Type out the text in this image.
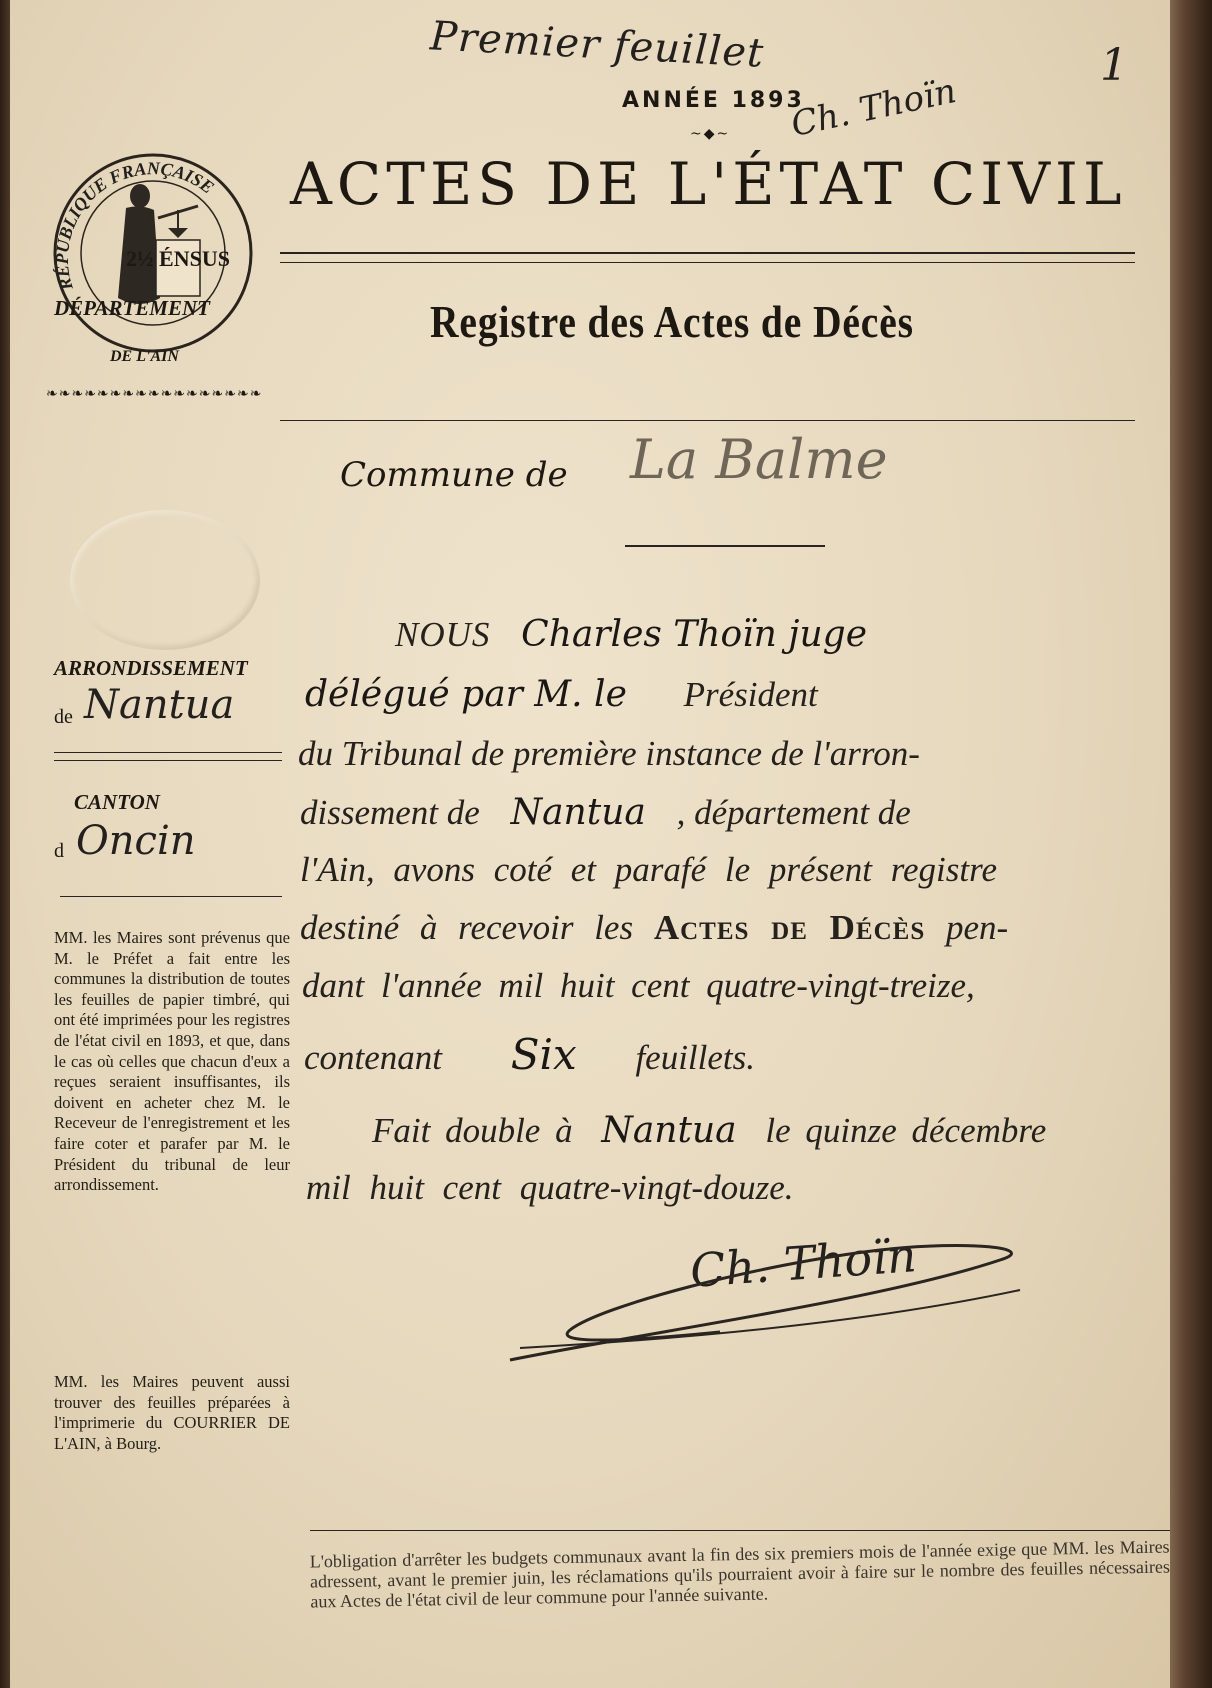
Premier feuillet	1
ANNÉE 1893
~◆~ Ch. Thoïn
ACTES DE L'ÉTAT CIVIL
Registre des Actes de Décès
RÉPUBLIQUE FRANÇAISE
2½ ÉNSUS
DÉPARTEMENT
DE L'AIN
❧❧❧❧❧❧❧❧❧❧❧❧❧❧❧❧❧
Commune de La Balme
ARRONDISSEMENT
de Nantua
CANTON
d Oncin
MM. les Maires sont prévenus que M. le Préfet a fait entre les communes la distribution de toutes les feuilles de papier timbré, qui ont été imprimées pour les registres de l'état civil en 1893, et que, dans le cas où celles que chacun d'eux a reçues seraient insuffisantes, ils doivent en acheter chez M. le Receveur de l'enregistrement et les faire coter et parafer par M. le Président du tribunal de leur arrondissement.
MM. les Maires peuvent aussi trouver des feuilles préparées à l'imprimerie du COURRIER DE L'AIN, à Bourg.
NOUS Charles Thoïn juge
délégué par M. le Président
du Tribunal de première instance de l'arron-
dissement de Nantua , département de
l'Ain, avons coté et parafé le présent registre
destiné à recevoir les Actes de Décès pen-
dant l'année mil huit cent quatre-vingt-treize,
contenant Six feuillets.
Fait double à Nantua le quinze décembre
mil huit cent quatre-vingt-douze.
Ch. Thoïn
L'obligation d'arrêter les budgets communaux avant la fin des six premiers mois de l'année exige que MM. les Maires adressent, avant le premier juin, les réclamations qu'ils pourraient avoir à faire sur le nombre des feuilles nécessaires aux Actes de l'état civil de leur commune pour l'année suivante.
